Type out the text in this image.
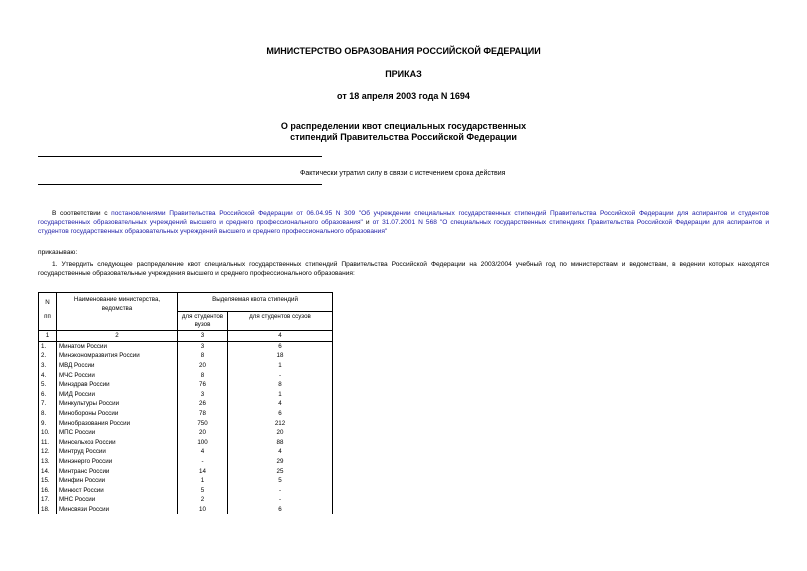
МИНИСТЕРСТВО ОБРАЗОВАНИЯ РОССИЙСКОЙ ФЕДЕРАЦИИ
ПРИКАЗ
от 18 апреля 2003 года N 1694
О распределении квот специальных государственных
стипендий Правительства Российской Федерации
Фактически утратил силу в связи с истечением срока действия
В соответствии с постановлениями Правительства Российской Федерации от 06.04.95 N 309 "Об учреждении специальных государственных стипендий Правительства Российской Федерации для аспирантов и студентов государственных образовательных учреждений высшего и среднего профессионального образования" и от 31.07.2001 N 568 "О специальных государственных стипендиях Правительства Российской Федерации для аспирантов и студентов государственных образовательных учреждений высшего и среднего профессионального образования"
приказываю:
1. Утвердить следующее распределение квот специальных государственных стипендий Правительства Российской Федерации на 2003/2004 учебный год по министерствам и ведомствам, в ведении которых находятся государственные образовательные учреждения высшего и среднего профессионального образования:
N	Наименование министерства, ведомства	Выделяемая квота стипендий	
пп		для студентов вузов	для студентов ссузов
1	2	3	4
1.	Минатом России	3	6
2.	Минэкономразвития России	8	18
3.	МВД России	20	1
4.	МЧС России	8	-
5.	Минздрав России	76	8
6.	МИД России	3	1
7.	Минкультуры России	26	4
8.	Минобороны России	78	6
9.	Минобразования России	750	212
10.	МПС России	20	20
11.	Минсельхоз России	100	88
12.	Минтруд России	4	4
13.	Минэнерго России	-	29
14.	Минтранс России	14	25
15.	Минфин России	1	5
16.	Минюст России	5	-
17.	МНС России	2	-
18.	Минсвязи России	10	6
